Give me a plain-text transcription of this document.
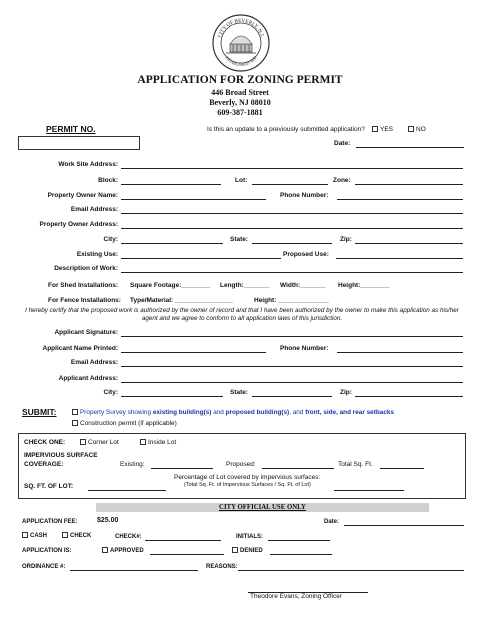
CITY OF BEVERLY, N.J.
ESTABLISHED 1850
APPLICATION FOR ZONING PERMIT
446 Broad Street
Beverly, NJ 08010
609-387-1881
PERMIT NO.	Is this an update to a previously submitted application?	YES	NO
Date:
Work Site Address:
Block:	Lot:	Zone:
Property Owner Name:	Phone Number:
Email Address:
Property Owner Address:
City:	State:	Zip:
Existing Use:	Proposed Use:
Description of Work:
For Shed Installations: Square Footage:________ Length:_______ Width:_______ Height:________
For Fence Installations: Type/Material: ________________	Height: ______________
I hereby certify that the proposed work is authorized by the owner of record and that I have been authorized by the owner to make this application as his/her agent and we agree to conform to all application laws of this jurisdiction.
Applicant Signature:
Applicant Name Printed:	Phone Number:
Email Address:
Applicant Address:
City:	State:	Zip:
SUBMIT:	Property Survey showing existing building(s) and proposed building(s), and front, side, and rear setbacks
Construction permit (if applicable)
CHECK ONE:	Corner Lot	Inside Lot
IMPERVIOUS SURFACE
COVERAGE:	Existing:	Proposed:	Total Sq. Ft.
SQ. FT. OF LOT:
Percentage of Lot covered by impervious surfaces:
(Total Sq. Ft. of Impervious Surfaces / Sq. Ft. of Lot)
CITY OFFICIAL USE ONLY
APPLICATION FEE:	$25.00	Date:
CASH	CHECK	CHECK#:	INITIALS:
APPLICATION IS:	APPROVED	DENIED
ORDINANCE #:	REASONS:
Theodore Evans, Zoning Officer
